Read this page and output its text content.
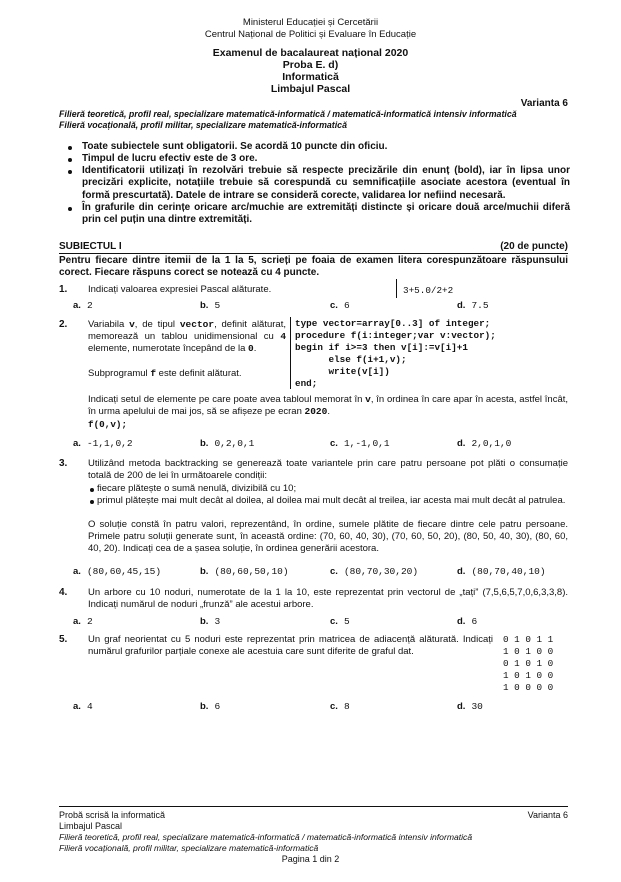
Ministerul Educației și Cercetării
Centrul Național de Politici și Evaluare în Educație
Examenul de bacalaureat național 2020
Proba E. d)
Informatică
Limbajul Pascal
Varianta 6
Filieră teoretică, profil real, specializare matematică-informatică / matematică-informatică intensiv informatică
Filieră vocațională, profil militar, specializare matematică-informatică
Toate subiectele sunt obligatorii. Se acordă 10 puncte din oficiu.
Timpul de lucru efectiv este de 3 ore.
Identificatorii utilizați în rezolvări trebuie să respecte precizările din enunț (bold), iar în lipsa unor precizări explicite, notațiile trebuie să corespundă cu semnificațiile asociate acestora (eventual în formă prescurtată). Datele de intrare se consideră corecte, validarea lor nefiind necesară.
În grafurile din cerințe oricare arc/muchie are extremități distincte și oricare două arce/muchii diferă prin cel puțin una dintre extremități.
SUBIECTUL I	(20 de puncte)
Pentru fiecare dintre itemii de la 1 la 5, scrieți pe foaia de examen litera corespunzătoare răspunsului corect. Fiecare răspuns corect se notează cu 4 puncte.
1. Indicați valoarea expresiei Pascal alăturate.	3+5.0/2+2
a. 2	b. 5	c. 6	d. 7.5
2. Variabila v, de tipul vector, definit alăturat, memorează un tablou unidimensional cu 4 elemente, numerotate începând de la 0.
Subprogramul f este definit alăturat.
type vector=array[0..3] of integer;
procedure f(i:integer;var v:vector);
begin if i>=3 then v[i]:=v[i]+1
else f(i+1,v);
write(v[i])
end;
Indicați setul de elemente pe care poate avea tabloul memorat în v, în ordinea în care apar în acesta, astfel încât, în urma apelului de mai jos, să se afișeze pe ecran 2020.
f(0,v);
a. -1,1,0,2	b. 0,2,0,1	c. 1,-1,0,1	d. 2,0,1,0
3. Utilizând metoda backtracking se generează toate variantele prin care patru persoane pot plăti o consumație totală de 200 de lei în următoarele condiții:
fiecare plătește o sumă nenulă, divizibilă cu 10;
primul plătește mai mult decât al doilea, al doilea mai mult decât al treilea, iar acesta mai mult decât al patrulea.
O soluție constă în patru valori, reprezentând, în ordine, sumele plătite de fiecare dintre cele patru persoane. Primele patru soluții generate sunt, în această ordine: (70, 60, 40, 30), (70, 60, 50, 20), (80, 50, 40, 30), (80, 60, 40, 20). Indicați cea de a șasea soluție, în ordinea generării acestora.
a. (80,60,45,15)	b. (80,60,50,10)	c. (80,70,30,20)	d. (80,70,40,10)
4. Un arbore cu 10 noduri, numerotate de la 1 la 10, este reprezentat prin vectorul de „tați” (7,5,6,5,7,0,6,3,3,8). Indicați numărul de noduri „frunză” ale acestui arbore.
a. 2	b. 3	c. 5	d. 6
5. Un graf neorientat cu 5 noduri este reprezentat prin matricea de adiacență alăturată. Indicați numărul grafurilor parțiale conexe ale acestuia care sunt diferite de graful dat.
0 1 0 1 1
1 0 1 0 0
0 1 0 1 0
1 0 1 0 0
1 0 0 0 0
a. 4	b. 6	c. 8	d. 30
Probă scrisă la informatică	Varianta 6
Limbajul Pascal
Filieră teoretică, profil real, specializare matematică-informatică / matematică-informatică intensiv informatică
Filieră vocațională, profil militar, specializare matematică-informatică
Pagina 1 din 2
